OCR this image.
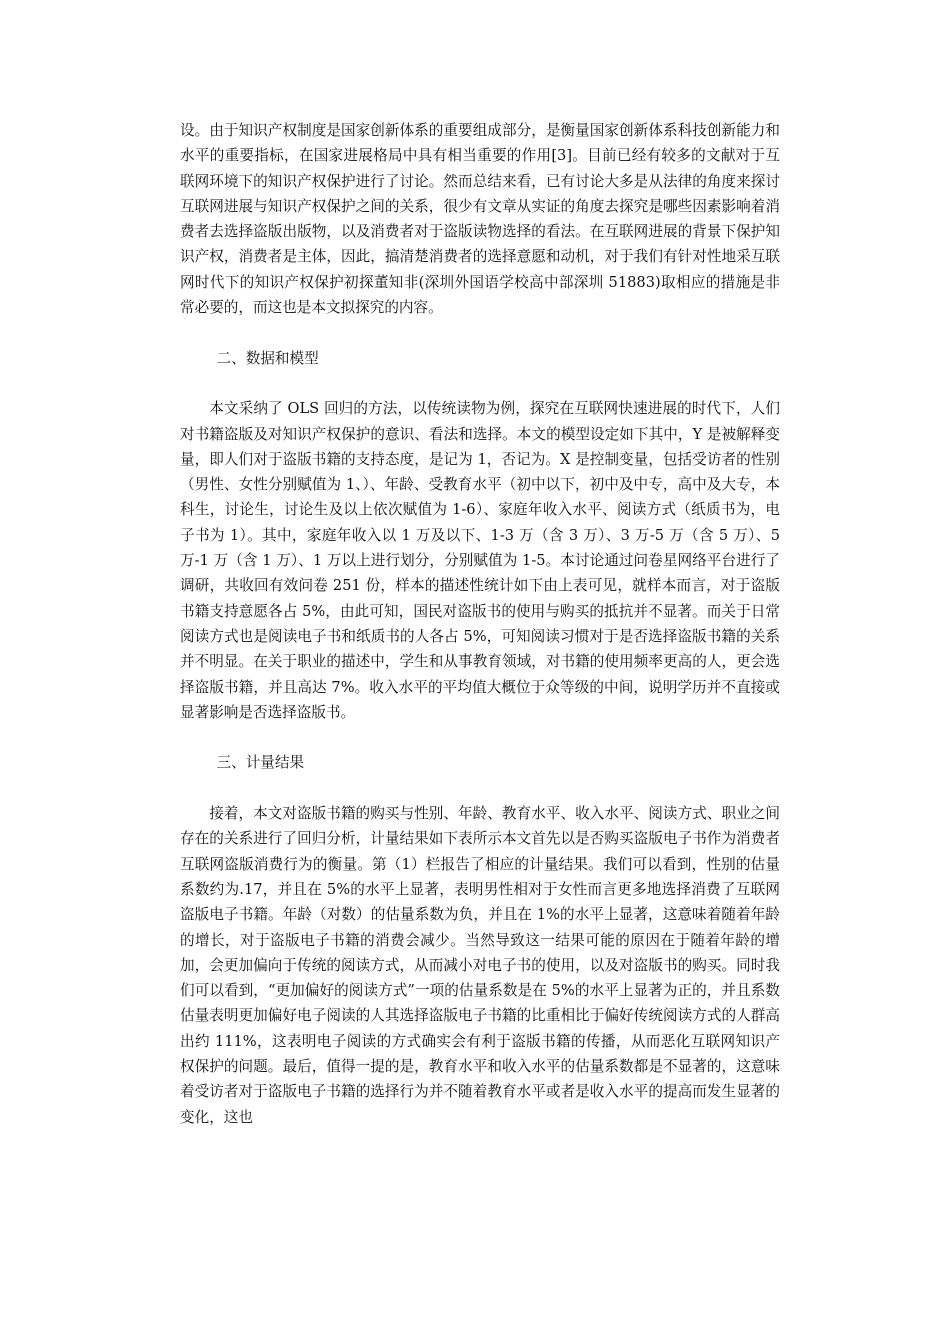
设。由于知识产权制度是国家创新体系的重要组成部分，是衡量国家创新体系科技创新能力和水平的重要指标，在国家进展格局中具有相当重要的作用[3]。目前已经有较多的文献对于互联网环境下的知识产权保护进行了讨论。然而总结来看，已有讨论大多是从法律的角度来探讨互联网进展与知识产权保护之间的关系，很少有文章从实证的角度去探究是哪些因素影响着消费者去选择盗版出版物，以及消费者对于盗版读物选择的看法。在互联网进展的背景下保护知识产权，消费者是主体，因此，搞清楚消费者的选择意愿和动机，对于我们有针对性地采互联网时代下的知识产权保护初探董知非(深圳外国语学校高中部深圳 51883)取相应的措施是非常必要的，而这也是本文拟探究的内容。

二、数据和模型

本文采纳了 OLS 回归的方法，以传统读物为例，探究在互联网快速进展的时代下，人们对书籍盗版及对知识产权保护的意识、看法和选择。本文的模型设定如下其中，Y 是被解释变量，即人们对于盗版书籍的支持态度，是记为 1，否记为。X 是控制变量，包括受访者的性别（男性、女性分别赋值为 1、）、年龄、受教育水平（初中以下，初中及中专，高中及大专，本科生，讨论生，讨论生及以上依次赋值为 1-6）、家庭年收入水平、阅读方式（纸质书为，电子书为 1）。其中，家庭年收入以 1 万及以下、1-3 万（含 3 万）、3 万-5 万（含 5 万）、5 万-1 万（含 1 万）、1 万以上进行划分，分别赋值为 1-5。本讨论通过问卷星网络平台进行了调研，共收回有效问卷 251 份，样本的描述性统计如下由上表可见，就样本而言，对于盗版书籍支持意愿各占 5%，由此可知，国民对盗版书的使用与购买的抵抗并不显著。而关于日常阅读方式也是阅读电子书和纸质书的人各占 5%，可知阅读习惯对于是否选择盗版书籍的关系并不明显。在关于职业的描述中，学生和从事教育领域，对书籍的使用频率更高的人，更会选择盗版书籍，并且高达 7%。收入水平的平均值大概位于众等级的中间，说明学历并不直接或显著影响是否选择盗版书。

三、计量结果

接着，本文对盗版书籍的购买与性别、年龄、教育水平、收入水平、阅读方式、职业之间存在的关系进行了回归分析，计量结果如下表所示本文首先以是否购买盗版电子书作为消费者互联网盗版消费行为的衡量。第（1）栏报告了相应的计量结果。我们可以看到，性别的估量系数约为.17，并且在 5%的水平上显著，表明男性相对于女性而言更多地选择消费了互联网盗版电子书籍。年龄（对数）的估量系数为负，并且在 1%的水平上显著，这意味着随着年龄的增长，对于盗版电子书籍的消费会减少。当然导致这一结果可能的原因在于随着年龄的增加，会更加偏向于传统的阅读方式，从而减小对电子书的使用，以及对盗版书的购买。同时我们可以看到，“更加偏好的阅读方式”一项的估量系数是在 5%的水平上显著为正的，并且系数估量表明更加偏好电子阅读的人其选择盗版电子书籍的比重相比于偏好传统阅读方式的人群高出约 111%，这表明电子阅读的方式确实会有利于盗版书籍的传播，从而恶化互联网知识产权保护的问题。最后，值得一提的是，教育水平和收入水平的估量系数都是不显著的，这意味着受访者对于盗版电子书籍的选择行为并不随着教育水平或者是收入水平的提高而发生显著的变化，这也
